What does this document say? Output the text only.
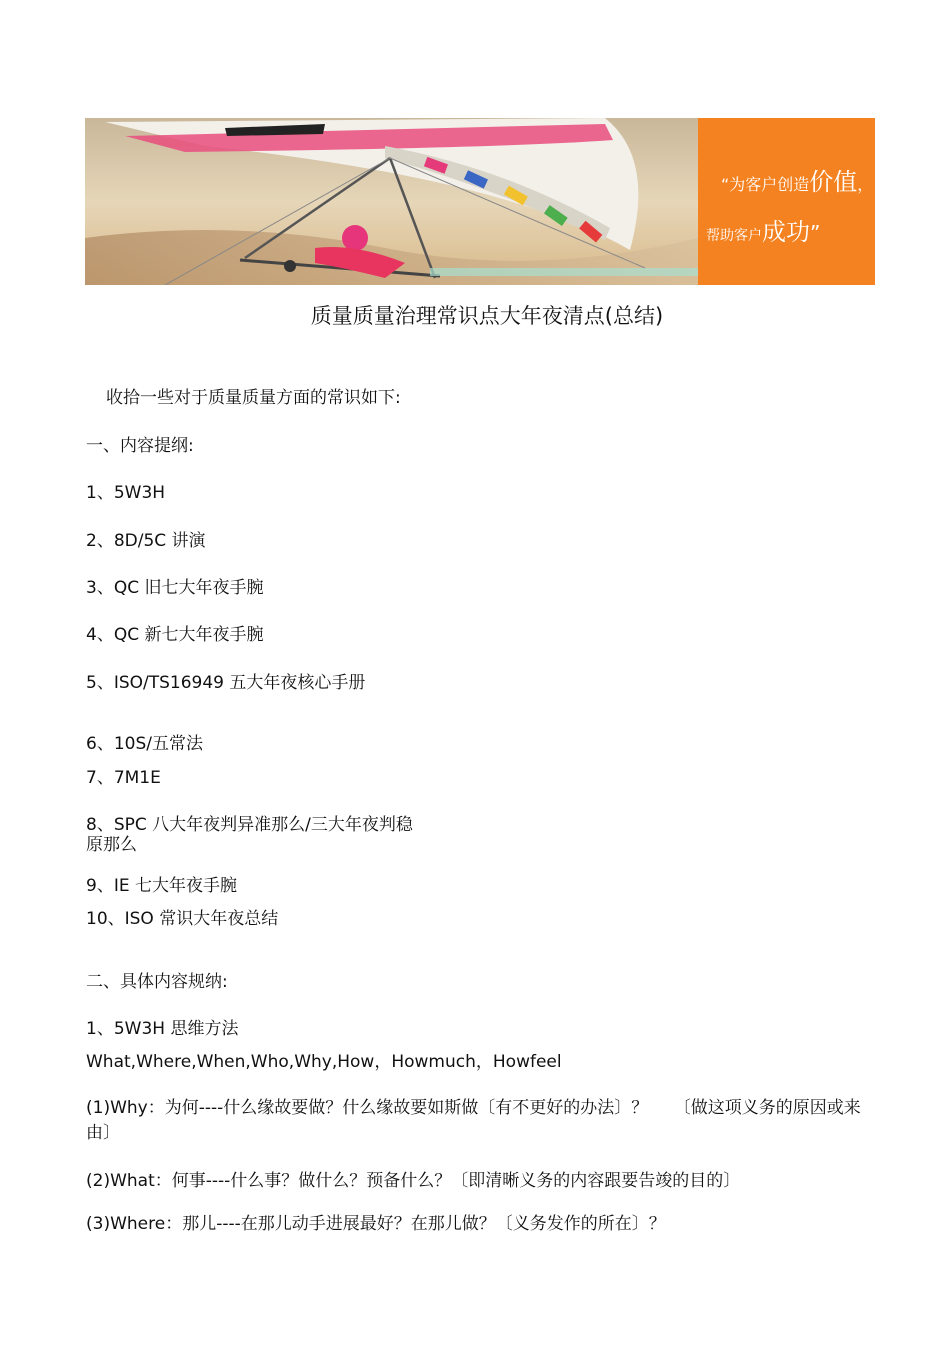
“为客户创造价值，
帮助客户成功”
质量质量治理常识点大年夜清点(总结)
收拾一些对于质量质量方面的常识如下:
一、内容提纲:
1、5W3H
2、8D/5C 讲演
3、QC 旧七大年夜手腕
4、QC 新七大年夜手腕
5、ISO/TS16949 五大年夜核心手册
6、10S/五常法
7、7M1E
8、SPC 八大年夜判异准那么/三大年夜判稳原那么
9、IE 七大年夜手腕
10、ISO 常识大年夜总结
二、具体内容规纳:
1、5W3H 思维方法
What,Where,When,Who,Why,How，Howmuch，Howfeel
(1)Why：为何----什么缘故要做？什么缘故要如斯做〔有不更好的办法〕？　　〔做这项义务的原因或来由〕
(2)What：何事----什么事？做什么？预备什么？〔即清晰义务的内容跟要告竣的目的〕
(3)Where：那儿----在那儿动手进展最好？在那儿做？〔义务发作的所在〕？
